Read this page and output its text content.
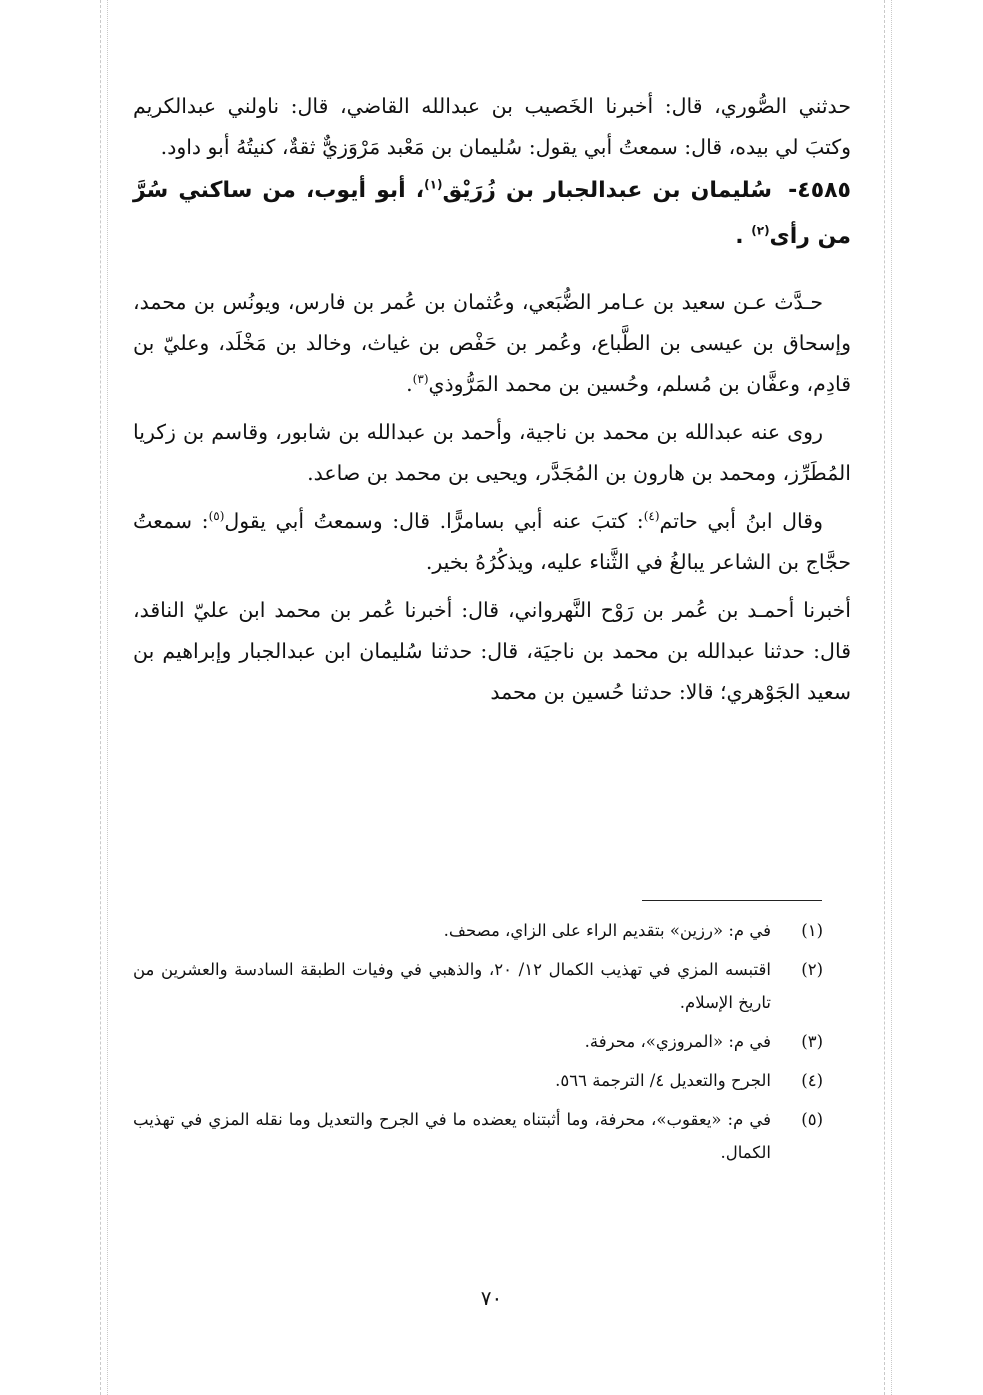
حدثني الصُّوري، قال: أخبرنا الخَصيب بن عبدالله القاضي، قال: ناولني عبدالكريم وكتبَ لي بيده، قال: سمعتُ أبي يقول: سُليمان بن مَعْبد مَرْوَزيٌّ ثقةٌ، كنيتُهُ أبو داود.

٤٥٨٥- سُليمان بن عبدالجبار بن زُرَيْق$^{(١)}$، أبو أيوب، من ساكني سُرَّ من رأى$^{(٢)}$ .

حـدَّث عـن سعيد بن عـامر الضُّبَعي، وعُثمان بن عُمر بن فارس، ويونُس بن محمد، وإسحاق بن عيسى بن الطَّباع، وعُمر بن حَفْص بن غياث، وخالد بن مَخْلَد، وعليّ بن قادِم، وعفَّان بن مُسلم، وحُسين بن محمد المَرُّوذي$^{(٣)}$.

روى عنه عبدالله بن محمد بن ناجية، وأحمد بن عبدالله بن شابور، وقاسم بن زكريا المُطَرِّز، ومحمد بن هارون بن المُجَدَّر، ويحيى بن محمد بن صاعد.

وقال ابنُ أبي حاتم$^{(٤)}$: كتبَ عنه أبي بسامرًّا. قال: وسمعتُ أبي يقول$^{(٥)}$: سمعتُ حجَّاج بن الشاعر يبالغُ في الثَّناء عليه، ويذكُرُهُ بخير.

أخبرنا أحمـد بن عُمر بن رَوْح النَّهرواني، قال: أخبرنا عُمر بن محمد ابن عليّ الناقد، قال: حدثنا عبدالله بن محمد بن ناجيَة، قال: حدثنا سُليمان ابن عبدالجبار وإبراهيم بن سعيد الجَوْهري؛ قالا: حدثنا حُسين بن محمد

(١)
في م: «رزين» بتقديم الراء على الزاي، مصحف.

(٢)
اقتبسه المزي في تهذيب الكمال ١٢/ ٢٠، والذهبي في وفيات الطبقة السادسة والعشرين من تاريخ الإسلام.

(٣)
في م: «المروزي»، محرفة.

(٤)
الجرح والتعديل ٤/ الترجمة ٥٦٦.

(٥)
في م: «يعقوب»، محرفة، وما أثبتناه يعضده ما في الجرح والتعديل وما نقله المزي في تهذيب الكمال.

٧٠
